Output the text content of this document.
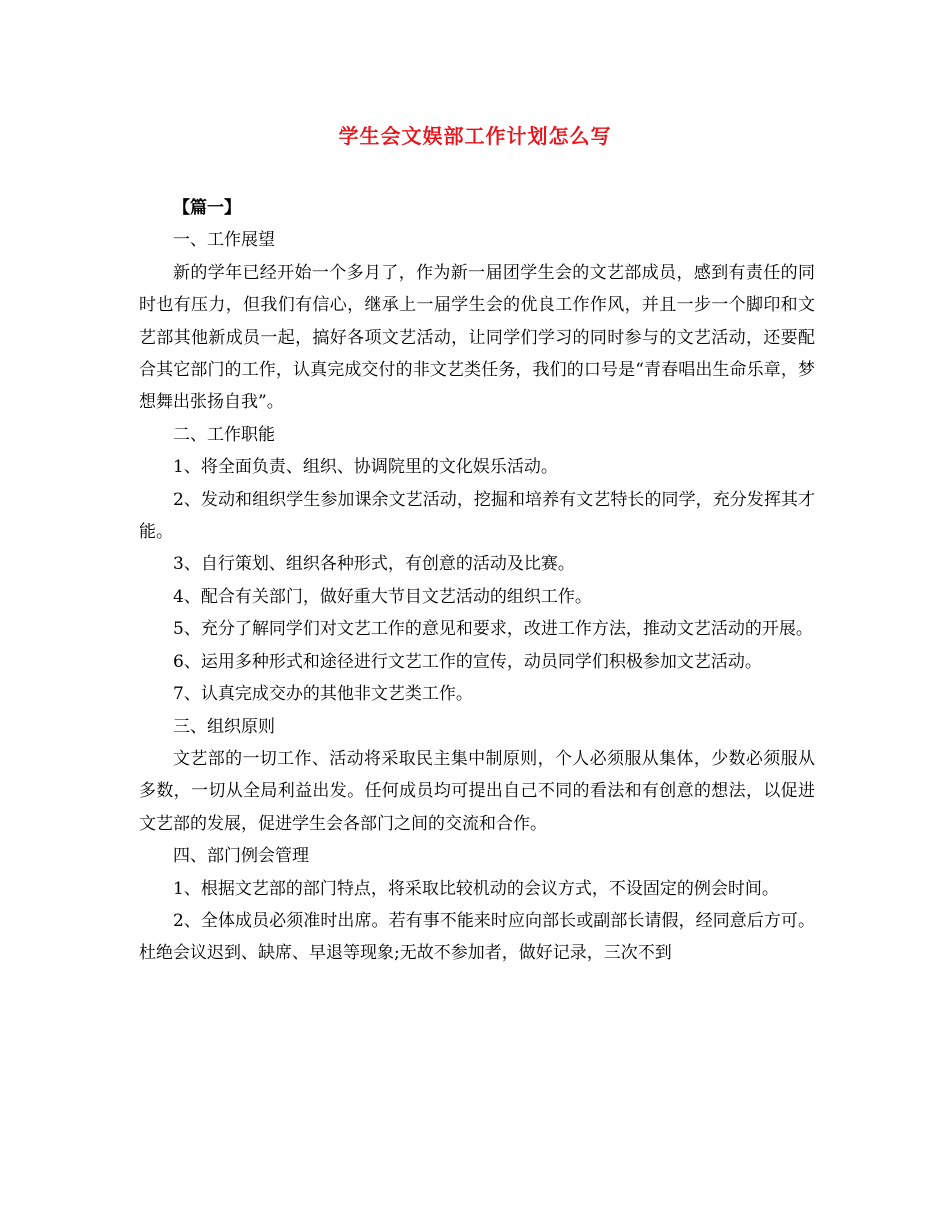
学生会文娱部工作计划怎么写

【篇一】

一、工作展望

新的学年已经开始一个多月了，作为新一届团学生会的文艺部成员，感到有责任的同时也有压力，但我们有信心，继承上一届学生会的优良工作作风，并且一步一个脚印和文艺部其他新成员一起，搞好各项文艺活动，让同学们学习的同时参与的文艺活动，还要配合其它部门的工作，认真完成交付的非文艺类任务，我们的口号是“青春唱出生命乐章，梦想舞出张扬自我”。

二、工作职能

1、将全面负责、组织、协调院里的文化娱乐活动。

2、发动和组织学生参加课余文艺活动，挖掘和培养有文艺特长的同学，充分发挥其才能。

3、自行策划、组织各种形式，有创意的活动及比赛。

4、配合有关部门，做好重大节目文艺活动的组织工作。

5、充分了解同学们对文艺工作的意见和要求，改进工作方法，推动文艺活动的开展。

6、运用多种形式和途径进行文艺工作的宣传，动员同学们积极参加文艺活动。

7、认真完成交办的其他非文艺类工作。

三、组织原则

文艺部的一切工作、活动将采取民主集中制原则，个人必须服从集体，少数必须服从多数，一切从全局利益出发。任何成员均可提出自己不同的看法和有创意的想法，以促进文艺部的发展，促进学生会各部门之间的交流和合作。

四、部门例会管理

1、根据文艺部的部门特点，将采取比较机动的会议方式，不设固定的例会时间。

2、全体成员必须准时出席。若有事不能来时应向部长或副部长请假，经同意后方可。杜绝会议迟到、缺席、早退等现象;无故不参加者，做好记录，三次不到
